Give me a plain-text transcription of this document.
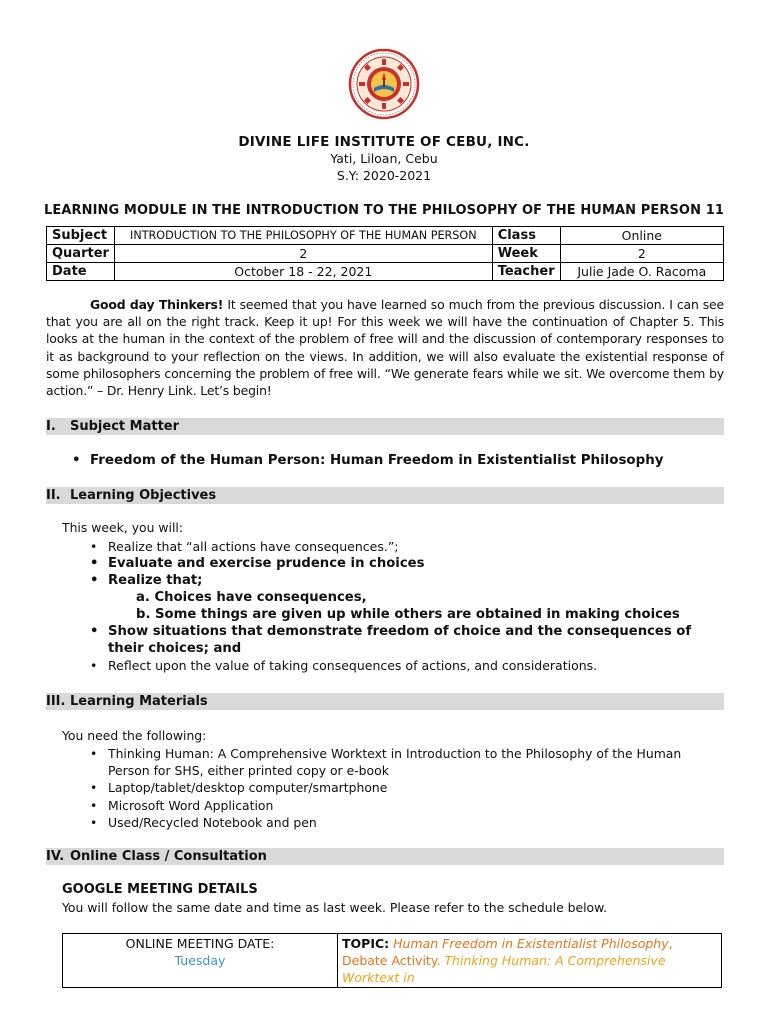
DIVINE LIFE INSTITUTE OF CEBU, INC.
Yati, Liloan, Cebu
S.Y: 2020-2021
LEARNING MODULE IN THE INTRODUCTION TO THE PHILOSOPHY OF THE HUMAN PERSON 11
Subject	INTRODUCTION TO THE PHILOSOPHY OF THE HUMAN PERSON	Class	Online
Quarter	2	Week	2
Date	October 18 - 22, 2021	Teacher	Julie Jade O. Racoma
Good day Thinkers! It seemed that you have learned so much from the previous discussion. I can see that you are all on the right track. Keep it up! For this week we will have the continuation of Chapter 5. This looks at the human in the context of the problem of free will and the discussion of contemporary responses to it as background to your reflection on the views. In addition, we will also evaluate the existential response of some philosophers concerning the problem of free will. “We generate fears while we sit. We overcome them by action.” – Dr. Henry Link. Let’s begin!
I. Subject Matter
• Freedom of the Human Person: Human Freedom in Existentialist Philosophy
II. Learning Objectives
This week, you will:
• Realize that “all actions have consequences.”;
• Evaluate and exercise prudence in choices
• Realize that;
a. Choices have consequences,
b. Some things are given up while others are obtained in making choices
• Show situations that demonstrate freedom of choice and the consequences of their choices; and
• Reflect upon the value of taking consequences of actions, and considerations.
III. Learning Materials
You need the following:
• Thinking Human: A Comprehensive Worktext in Introduction to the Philosophy of the Human Person for SHS, either printed copy or e-book
• Laptop/tablet/desktop computer/smartphone
• Microsoft Word Application
• Used/Recycled Notebook and pen
IV. Online Class / Consultation
GOOGLE MEETING DETAILS
You will follow the same date and time as last week. Please refer to the schedule below.
ONLINE MEETING DATE:
Tuesday
	TOPIC: Human Freedom in Existentialist Philosophy, Debate Activity. Thinking Human: A Comprehensive Worktext in
